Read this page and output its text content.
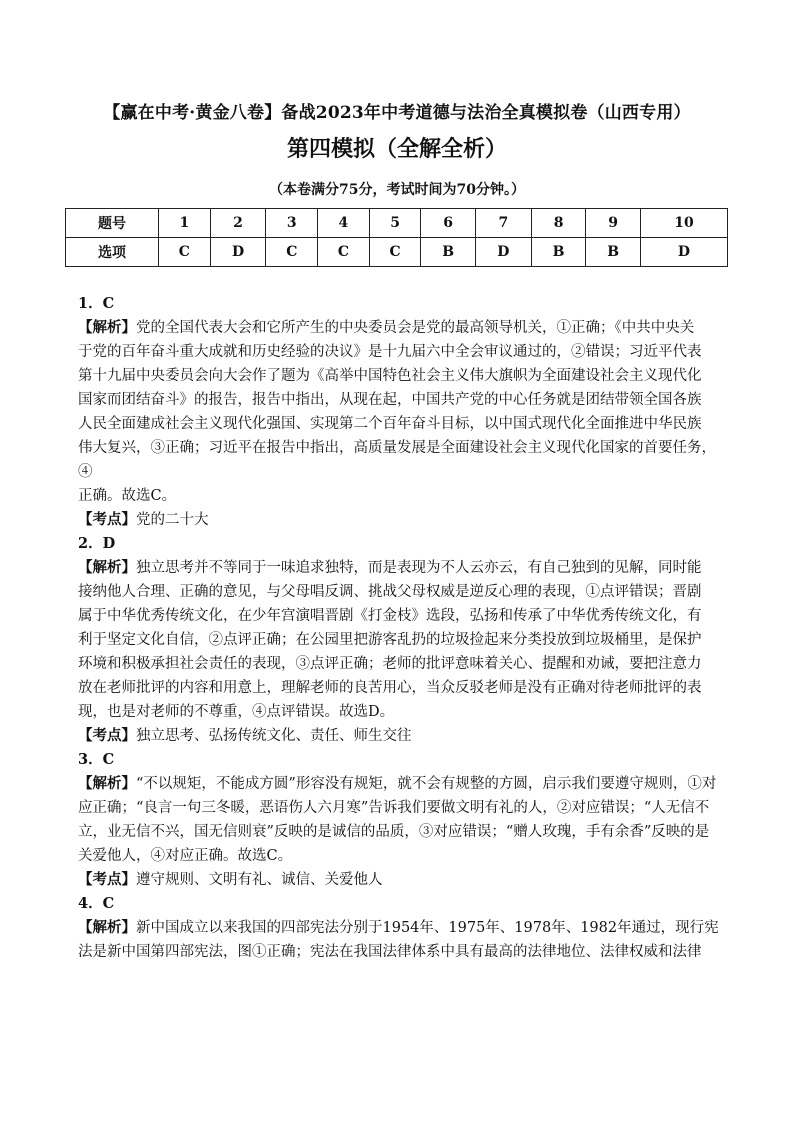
【赢在中考·黄金八卷】备战2023年中考道德与法治全真模拟卷（山西专用）
第四模拟（全解全析）
（本卷满分75分，考试时间为70分钟。）
题号	1	2	3	4	5	6	7	8	9	10
选项	C	D	C	C	C	B	D	B	B	D

1．C

【解析】党的全国代表大会和它所产生的中央委员会是党的最高领导机关，①正确；《中共中央关

于党的百年奋斗重大成就和历史经验的决议》是十九届六中全会审议通过的，②错误；习近平代表

第十九届中央委员会向大会作了题为《高举中国特色社会主义伟大旗帜为全面建设社会主义现代化

国家而团结奋斗》的报告，报告中指出，从现在起，中国共产党的中心任务就是团结带领全国各族

人民全面建成社会主义现代化强国、实现第二个百年奋斗目标，以中国式现代化全面推进中华民族

伟大复兴，③正确；习近平在报告中指出，高质量发展是全面建设社会主义现代化国家的首要任务，④

正确。故选C。

【考点】党的二十大

2．D

【解析】独立思考并不等同于一味追求独特，而是表现为不人云亦云，有自己独到的见解，同时能

接纳他人合理、正确的意见，与父母唱反调、挑战父母权威是逆反心理的表现，①点评错误；晋剧

属于中华优秀传统文化，在少年宫演唱晋剧《打金枝》选段，弘扬和传承了中华优秀传统文化，有

利于坚定文化自信，②点评正确；在公园里把游客乱扔的垃圾捡起来分类投放到垃圾桶里，是保护

环境和积极承担社会责任的表现，③点评正确；老师的批评意味着关心、提醒和劝诫，要把注意力

放在老师批评的内容和用意上，理解老师的良苦用心，当众反驳老师是没有正确对待老师批评的表

现，也是对老师的不尊重，④点评错误。故选D。

【考点】独立思考、弘扬传统文化、责任、师生交往

3．C

【解析】“不以规矩，不能成方圆”形容没有规矩，就不会有规整的方圆，启示我们要遵守规则，①对

应正确；“良言一句三冬暖，恶语伤人六月寒”告诉我们要做文明有礼的人，②对应错误；“人无信不

立，业无信不兴，国无信则衰”反映的是诚信的品质，③对应错误；“赠人玫瑰，手有余香”反映的是

关爱他人，④对应正确。故选C。

【考点】遵守规则、文明有礼、诚信、关爱他人

4．C

【解析】新中国成立以来我国的四部宪法分别于1954年、1975年、1978年、1982年通过，现行宪

法是新中国第四部宪法，图①正确；宪法在我国法律体系中具有最高的法律地位、法律权威和法律
